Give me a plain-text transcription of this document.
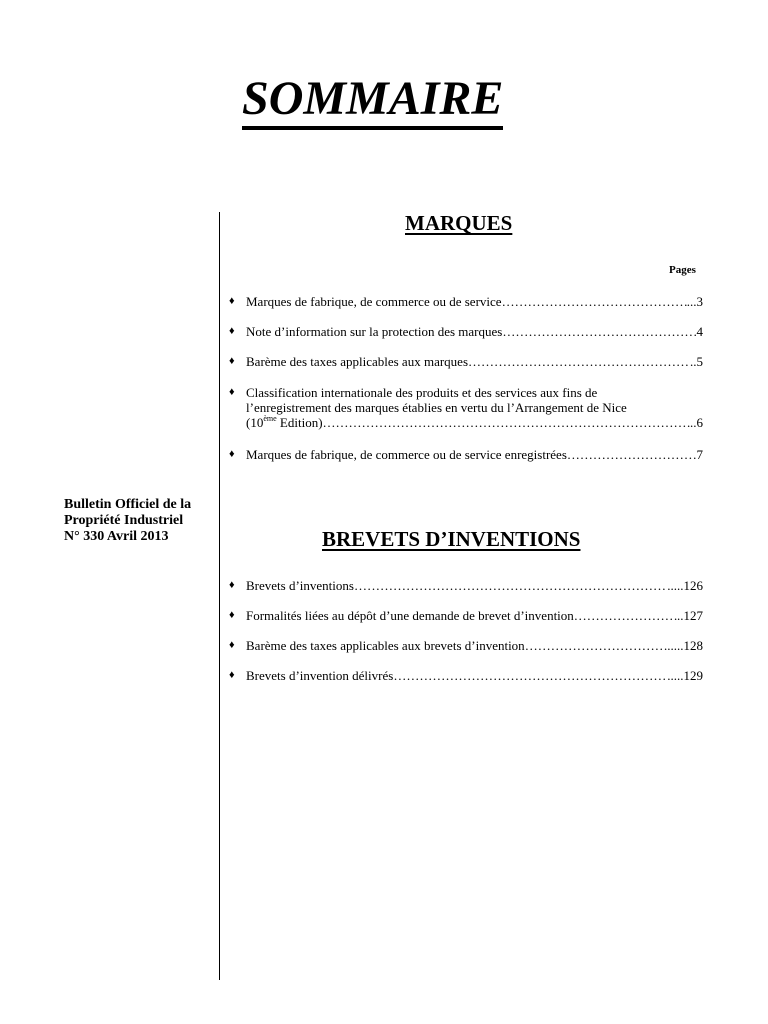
SOMMAIRE
Bulletin Officiel de la
Propriété Industriel
N° 330 Avril 2013
MARQUES
Pages
♦ Marques de fabrique, de commerce ou de service ……………………………………………………………………………………………………………………………………………………………………………	...3
♦ Note d’information sur la protection des marques ……………………………………………………………………………………………………………………………………………………………………………	4
♦ Barème des taxes applicables aux marques ……………………………………………………………………………………………………………………………………………………………………………	..5
♦ Classification internationale des produits et des services aux fins de
l’enregistrement des marques établies en vertu du l’Arrangement de Nice
(10ème Edition) ……………………………………………………………………………………………………………………………………………………………………………	..6
♦ Marques de fabrique, de commerce ou de service enregistrées ……………………………………………………………………………………………………………………………………………………………………………	7
BREVETS D’INVENTIONS
♦ Brevets d’inventions ……………………………………………………………………………………………………………………………………………………………………………	.....126
♦ Formalités liées au dépôt d’une demande de brevet d’invention ……………………………………………………………………………………………………………………………………………………………………………	..127
♦ Barème des taxes applicables aux brevets d’invention ……………………………………………………………………………………………………………………………………………………………………………	.....128
♦ Brevets d’invention délivrés ……………………………………………………………………………………………………………………………………………………………………………	.....129
